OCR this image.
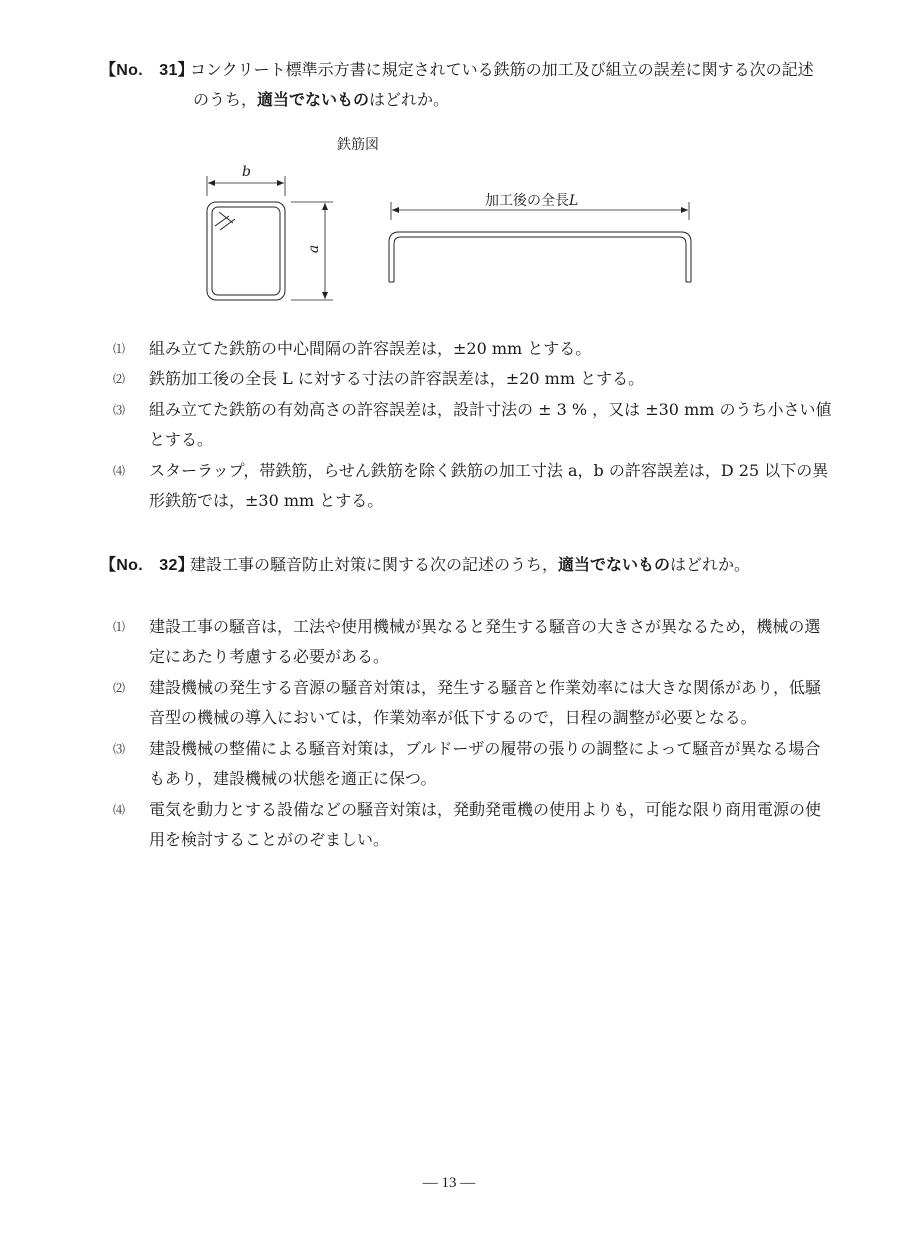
【No.　31】コンクリート標準示方書に規定されている鉄筋の加工及び組立の誤差に関する次の記述
のうち，適当でないものはどれか。
鉄筋図
b
a
加工後の全長L
⑴ 組み立てた鉄筋の中心間隔の許容誤差は，±20 mm とする。
⑵ 鉄筋加工後の全長 L に対する寸法の許容誤差は，±20 mm とする。
⑶ 組み立てた鉄筋の有効高さの許容誤差は，設計寸法の ± 3 % ，又は ±30 mm のうち小さい値
とする。
⑷ スターラップ，帯鉄筋，らせん鉄筋を除く鉄筋の加工寸法 a，b の許容誤差は，D 25 以下の異
形鉄筋では，±30 mm とする。
【No.　32】建設工事の騒音防止対策に関する次の記述のうち，適当でないものはどれか。
⑴ 建設工事の騒音は，工法や使用機械が異なると発生する騒音の大きさが異なるため，機械の選
定にあたり考慮する必要がある。
⑵ 建設機械の発生する音源の騒音対策は，発生する騒音と作業効率には大きな関係があり，低騒
音型の機械の導入においては，作業効率が低下するので，日程の調整が必要となる。
⑶ 建設機械の整備による騒音対策は，ブルドーザの履帯の張りの調整によって騒音が異なる場合
もあり，建設機械の状態を適正に保つ。
⑷ 電気を動力とする設備などの騒音対策は，発動発電機の使用よりも，可能な限り商用電源の使
用を検討することがのぞましい。
― 13 ―
